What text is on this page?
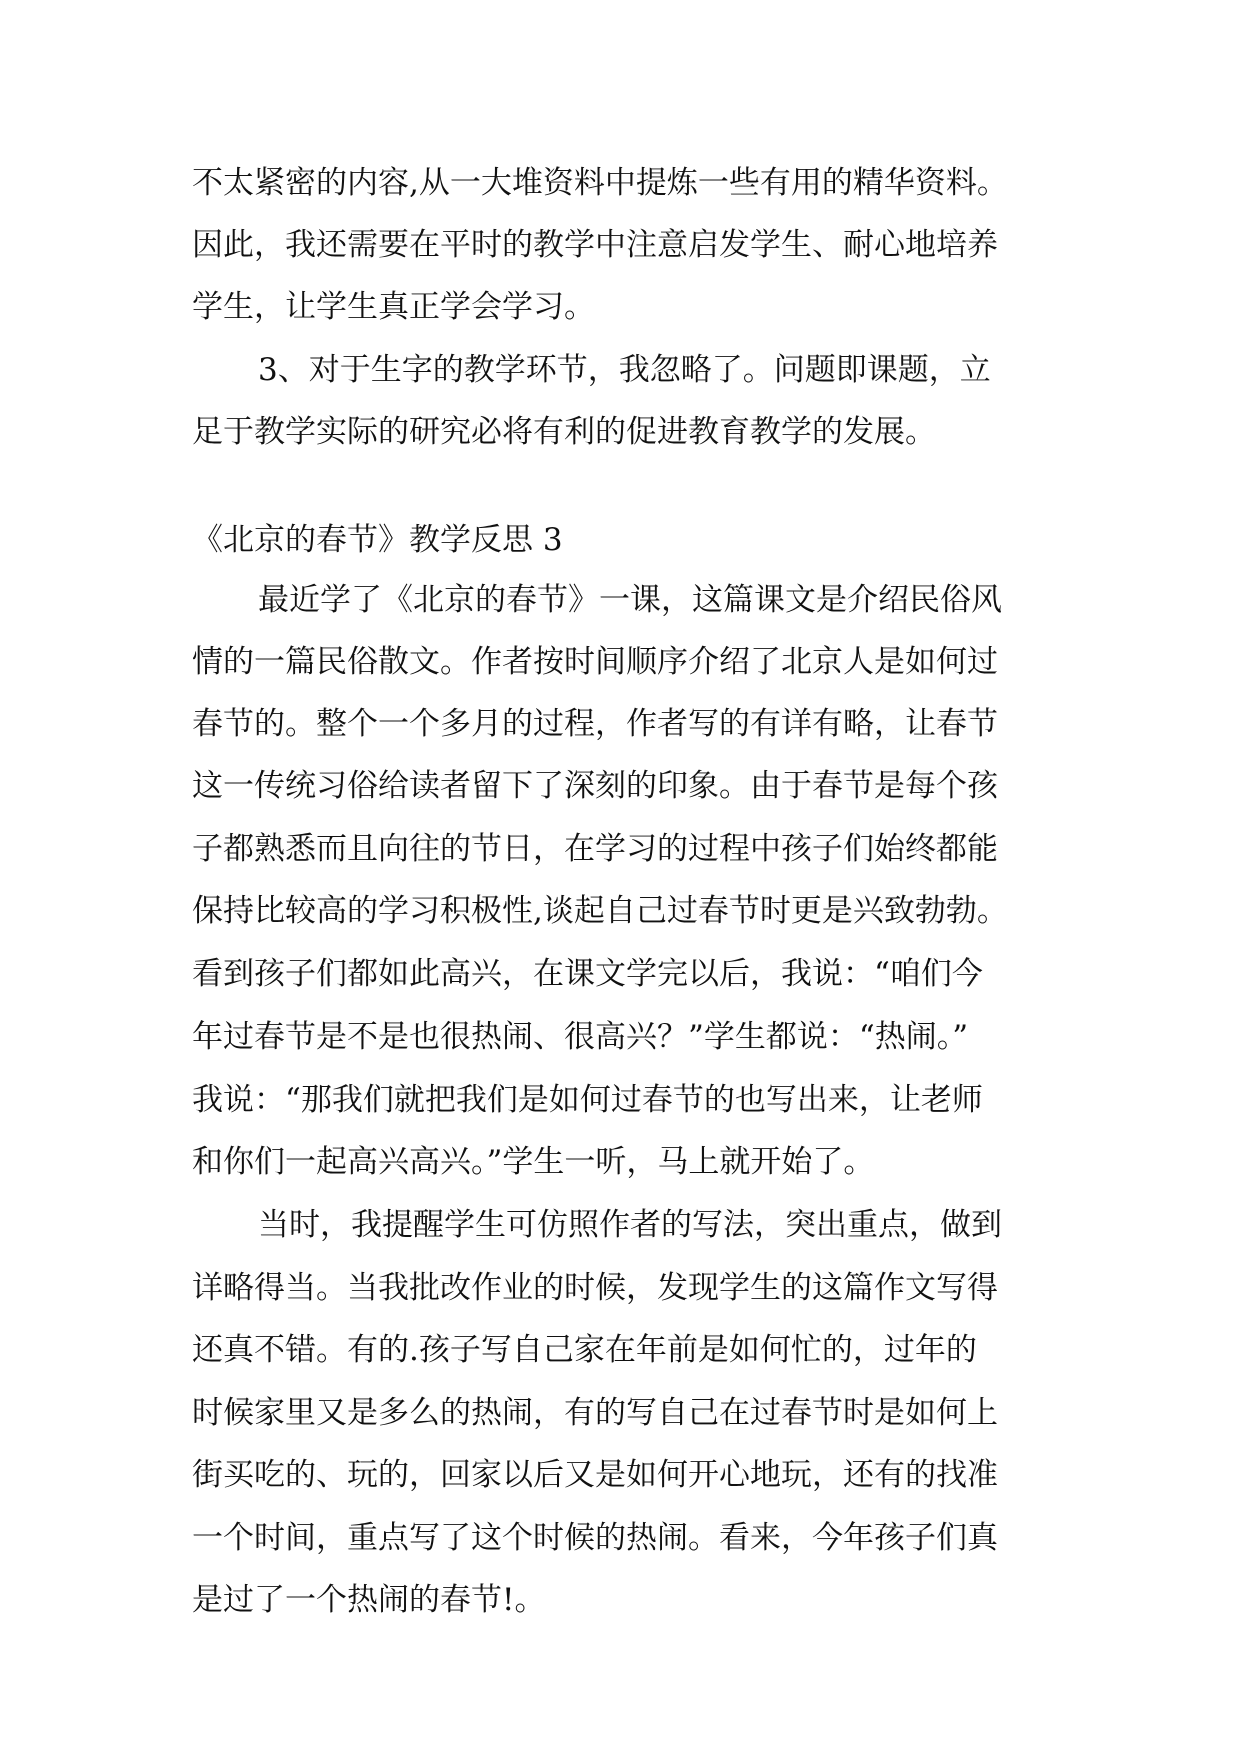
不太紧密的内容,从一大堆资料中提炼一些有用的精华资料。
因此，我还需要在平时的教学中注意启发学生、耐心地培养
学生，让学生真正学会学习。
3、对于生字的教学环节，我忽略了。问题即课题，立
足于教学实际的研究必将有利的促进教育教学的发展。
《北京的春节》教学反思 3
最近学了《北京的春节》一课，这篇课文是介绍民俗风
情的一篇民俗散文。作者按时间顺序介绍了北京人是如何过
春节的。整个一个多月的过程，作者写的有详有略，让春节
这一传统习俗给读者留下了深刻的印象。由于春节是每个孩
子都熟悉而且向往的节日，在学习的过程中孩子们始终都能
保持比较高的学习积极性,谈起自己过春节时更是兴致勃勃。
看到孩子们都如此高兴，在课文学完以后，我说：“咱们今
年过春节是不是也很热闹、很高兴？”学生都说：“热闹。”
我说：“那我们就把我们是如何过春节的也写出来，让老师
和你们一起高兴高兴。”学生一听，马上就开始了。
当时，我提醒学生可仿照作者的写法，突出重点，做到
详略得当。当我批改作业的时候，发现学生的这篇作文写得
还真不错。有的.孩子写自己家在年前是如何忙的，过年的
时候家里又是多么的热闹，有的写自己在过春节时是如何上
街买吃的、玩的，回家以后又是如何开心地玩，还有的找准
一个时间，重点写了这个时候的热闹。看来，今年孩子们真
是过了一个热闹的春节!。
